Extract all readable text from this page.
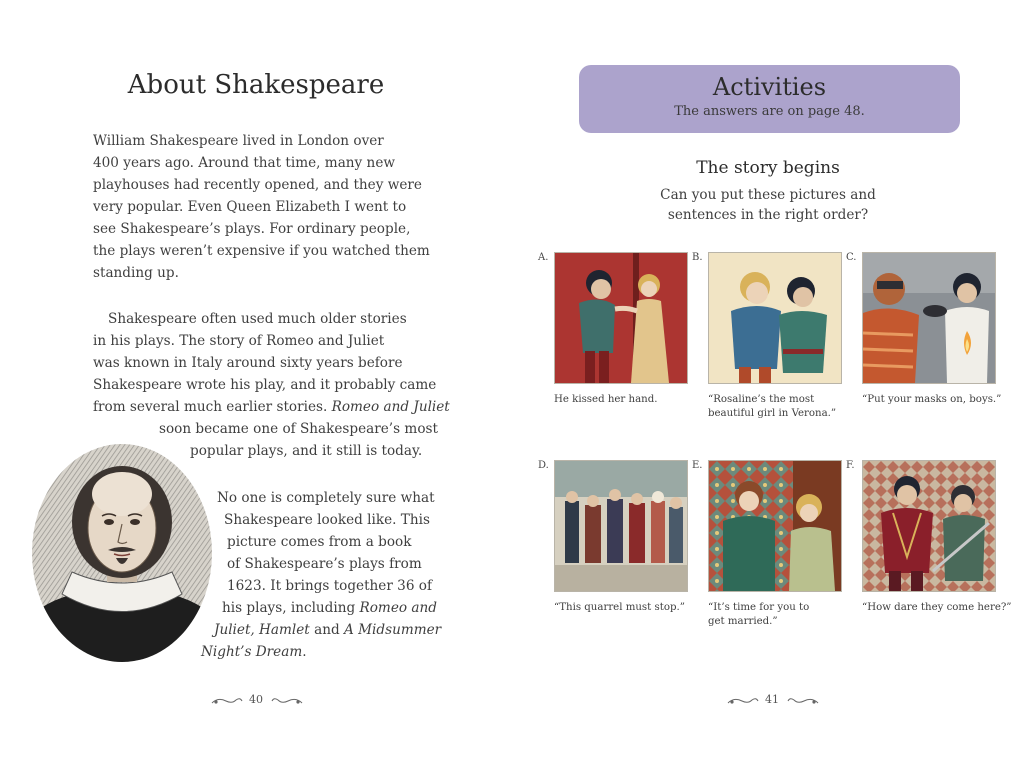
About Shakespeare
William Shakespeare lived in London over
400 years ago. Around that time, many new
playhouses had recently opened, and they were
very popular. Even Queen Elizabeth I went to
see Shakespeare’s plays. For ordinary people,
the plays weren’t expensive if you watched them
standing up.
Shakespeare often used much older stories
in his plays. The story of Romeo and Juliet
was known in Italy around sixty years before
Shakespeare wrote his play, and it probably came
from several much earlier stories. Romeo and Juliet
soon became one of Shakespeare’s most
popular plays, and it still is today.
No one is completely sure what
Shakespeare looked like. This
picture comes from a book
of Shakespeare’s plays from
1623. It brings together 36 of
his plays, including Romeo and
Juliet, Hamlet and A Midsummer
Night’s Dream.
40
Activities
The answers are on page 48.
The story begins
Can you put these pictures and
sentences in the right order?
A.
He kissed her hand.
B.
“Rosaline’s the most
beautiful girl in Verona.”
C.
“Put your masks on, boys.”
D.
“This quarrel must stop.”
E.
“It’s time for you to
get married.”
F.
“How dare they come here?”
41
